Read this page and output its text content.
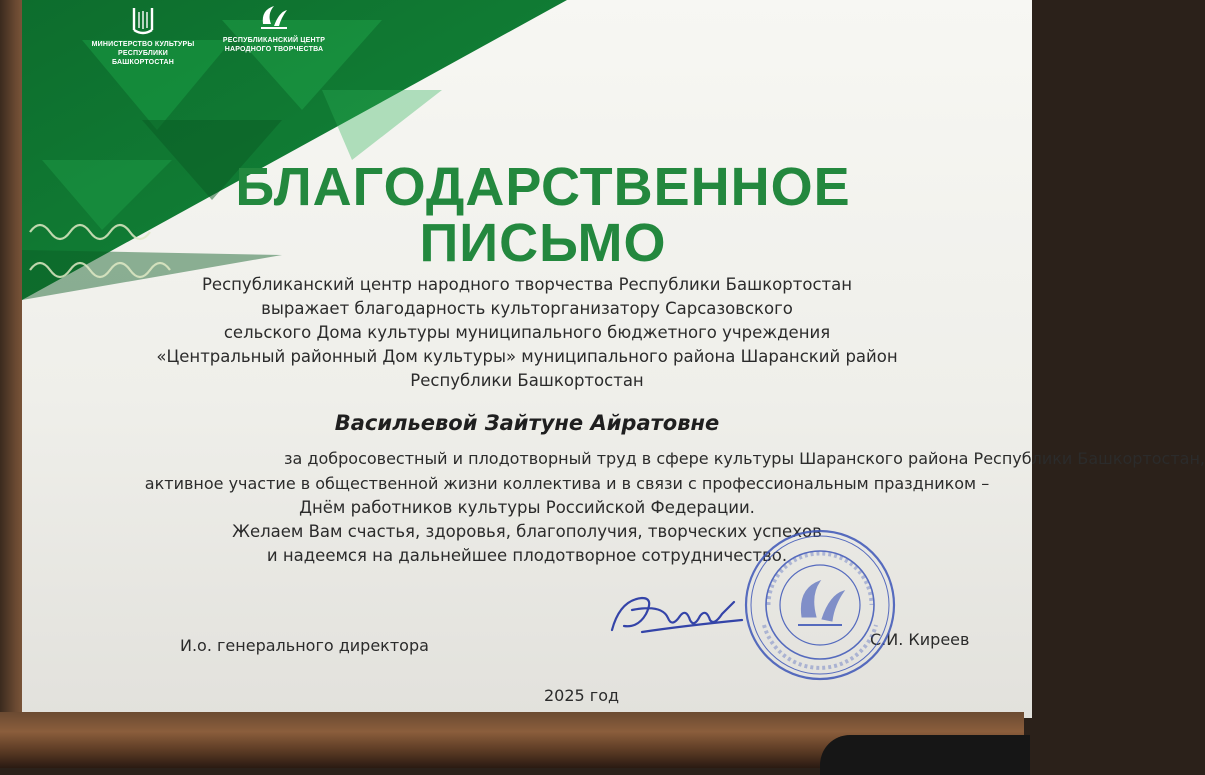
МИНИСТЕРСТВО КУЛЬТУРЫ
РЕСПУБЛИКИ БАШКОРТОСТАН
РЕСПУБЛИКАНСКИЙ ЦЕНТР
НАРОДНОГО ТВОРЧЕСТВА
БЛАГОДАРСТВЕННОЕ
ПИСЬМО
Республиканский центр народного творчества Республики Башкортостан
выражает благодарность культорганизатору Сарсазовского
сельского Дома культуры муниципального бюджетного учреждения
«Центральный районный Дом культуры» муниципального района Шаранский район
Республики Башкортостан
Васильевой Зайтуне Айратовне
за добросовестный и плодотворный труд в сфере культуры Шаранского района Республики Башкортостан,
активное участие в общественной жизни коллектива и в связи с профессиональным праздником –
Днём работников культуры Российской Федерации.
Желаем Вам счастья, здоровья, благополучия, творческих успехов
и надеемся на дальнейшее плодотворное сотрудничество.
И.о. генерального директора	С.И. Киреев
2025 год
